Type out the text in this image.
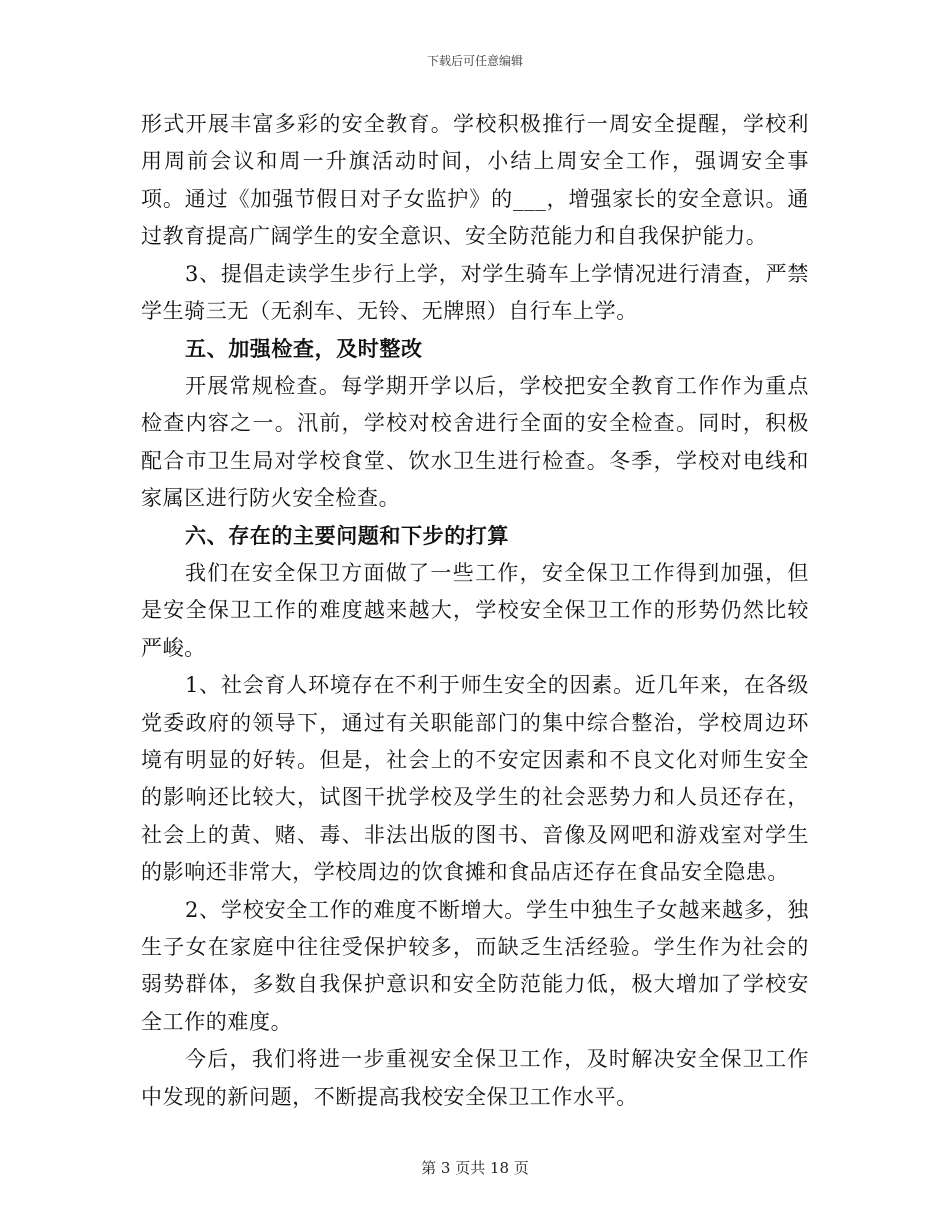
下载后可任意编辑

形式开展丰富多彩的安全教育。学校积极推行一周安全提醒，学校利用周前会议和周一升旗活动时间，小结上周安全工作，强调安全事项。通过《加强节假日对子女监护》的___，增强家长的安全意识。通过教育提高广阔学生的安全意识、安全防范能力和自我保护能力。

3、提倡走读学生步行上学，对学生骑车上学情况进行清查，严禁学生骑三无（无刹车、无铃、无牌照）自行车上学。

五、加强检查，及时整改

开展常规检查。每学期开学以后，学校把安全教育工作作为重点检查内容之一。汛前，学校对校舍进行全面的安全检查。同时，积极配合市卫生局对学校食堂、饮水卫生进行检查。冬季，学校对电线和家属区进行防火安全检查。

六、存在的主要问题和下步的打算

我们在安全保卫方面做了一些工作，安全保卫工作得到加强，但是安全保卫工作的难度越来越大，学校安全保卫工作的形势仍然比较严峻。

1、社会育人环境存在不利于师生安全的因素。近几年来，在各级党委政府的领导下，通过有关职能部门的集中综合整治，学校周边环境有明显的好转。但是，社会上的不安定因素和不良文化对师生安全的影响还比较大，试图干扰学校及学生的社会恶势力和人员还存在，社会上的黄、赌、毒、非法出版的图书、音像及网吧和游戏室对学生的影响还非常大，学校周边的饮食摊和食品店还存在食品安全隐患。

2、学校安全工作的难度不断增大。学生中独生子女越来越多，独生子女在家庭中往往受保护较多，而缺乏生活经验。学生作为社会的弱势群体，多数自我保护意识和安全防范能力低，极大增加了学校安全工作的难度。

今后，我们将进一步重视安全保卫工作，及时解决安全保卫工作中发现的新问题，不断提高我校安全保卫工作水平。

第 3 页共 18 页
